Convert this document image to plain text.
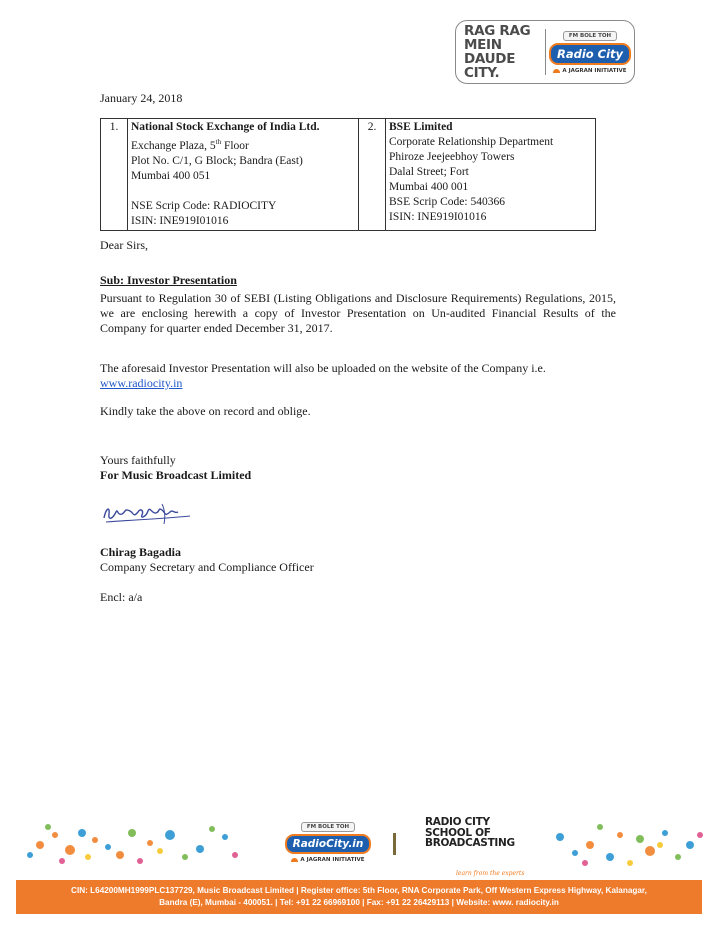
RAG RAG MEIN
DAUDE CITY.
FM BOLE TOH
Radio City
A JAGRAN INITIATIVE
January 24, 2018
1.	National Stock Exchange of India Ltd.
Exchange Plaza, 5th Floor
Plot No. C/1, G Block; Bandra (East)
Mumbai 400 051
NSE Scrip Code: RADIOCITY
ISIN: INE919I01016
	2.	BSE Limited
Corporate Relationship Department
Phiroze Jeejeebhoy Towers
Dalal Street; Fort
Mumbai 400 001
BSE Scrip Code: 540366
ISIN: INE919I01016
Dear Sirs,
Sub: Investor Presentation
Pursuant to Regulation 30 of SEBI (Listing Obligations and Disclosure Requirements) Regulations, 2015, we are enclosing herewith a copy of Investor Presentation on Un-audited Financial Results of the Company for quarter ended December 31, 2017.
The aforesaid Investor Presentation will also be uploaded on the website of the Company i.e.
www.radiocity.in
Kindly take the above on record and oblige.
Yours faithfully
For Music Broadcast Limited
Chirag Bagadia
Company Secretary and Compliance Officer
Encl: a/a
FM BOLE TOH
RadioCity.in
A JAGRAN INITIATIVE
RADIO CITY
SCHOOL OF
BROADCASTING
learn from the experts
CIN: L64200MH1999PLC137729, Music Broadcast Limited | Register office: 5th Floor, RNA Corporate Park, Off Western Express Highway, Kalanagar,
Bandra (E), Mumbai - 400051. | Tel: +91 22 66969100 | Fax: +91 22 26429113 | Website: www. radiocity.in
